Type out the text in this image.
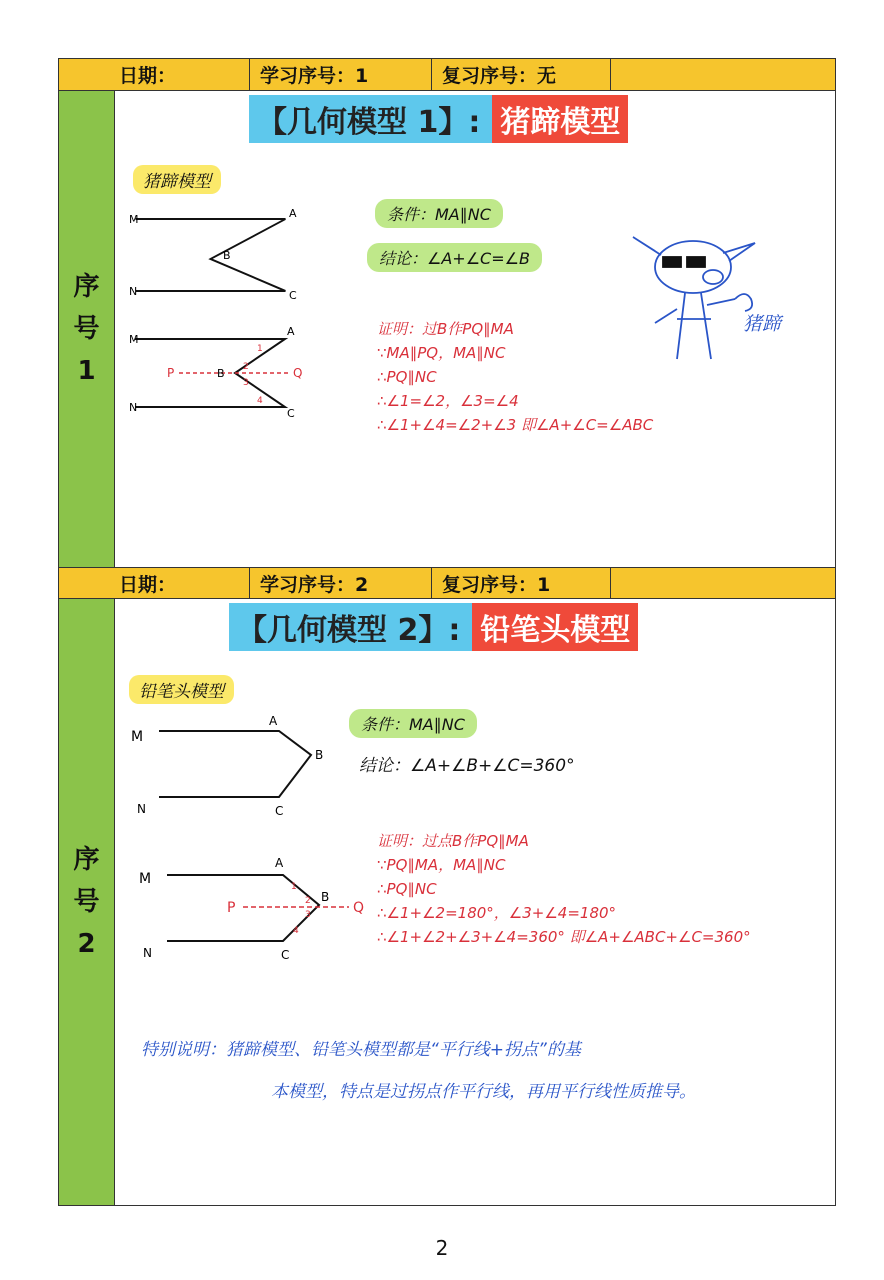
日期：	学习序号：1	复习序号：无
序号1
【几何模型 1】: 猪蹄模型
猪蹄模型
M	A
B
N	C
M
A
B
N	C
P	Q
1
2
3
4
条件：MA∥NC
结论：∠A+∠C=∠B
证明：过B作PQ∥MA
∵MA∥PQ，MA∥NC
∴PQ∥NC
∴∠1=∠2，∠3=∠4
∴∠1+∠4=∠2+∠3 即∠A+∠C=∠ABC
猪蹄
日期：	学习序号：2	复习序号：1
序号2
【几何模型 2】: 铅笔头模型
铅笔头模型
M
A
B
N	C
M
A
B
N	C
P	Q
1
2
3
4
条件：MA∥NC
结论：∠A+∠B+∠C=360°
证明：过点B作PQ∥MA
∵PQ∥MA，MA∥NC
∴PQ∥NC
∴∠1+∠2=180°，∠3+∠4=180°
∴∠1+∠2+∠3+∠4=360° 即∠A+∠ABC+∠C=360°
特别说明：猪蹄模型、铅笔头模型都是“平行线+拐点”的基
本模型，特点是过拐点作平行线，再用平行线性质推导。
2
